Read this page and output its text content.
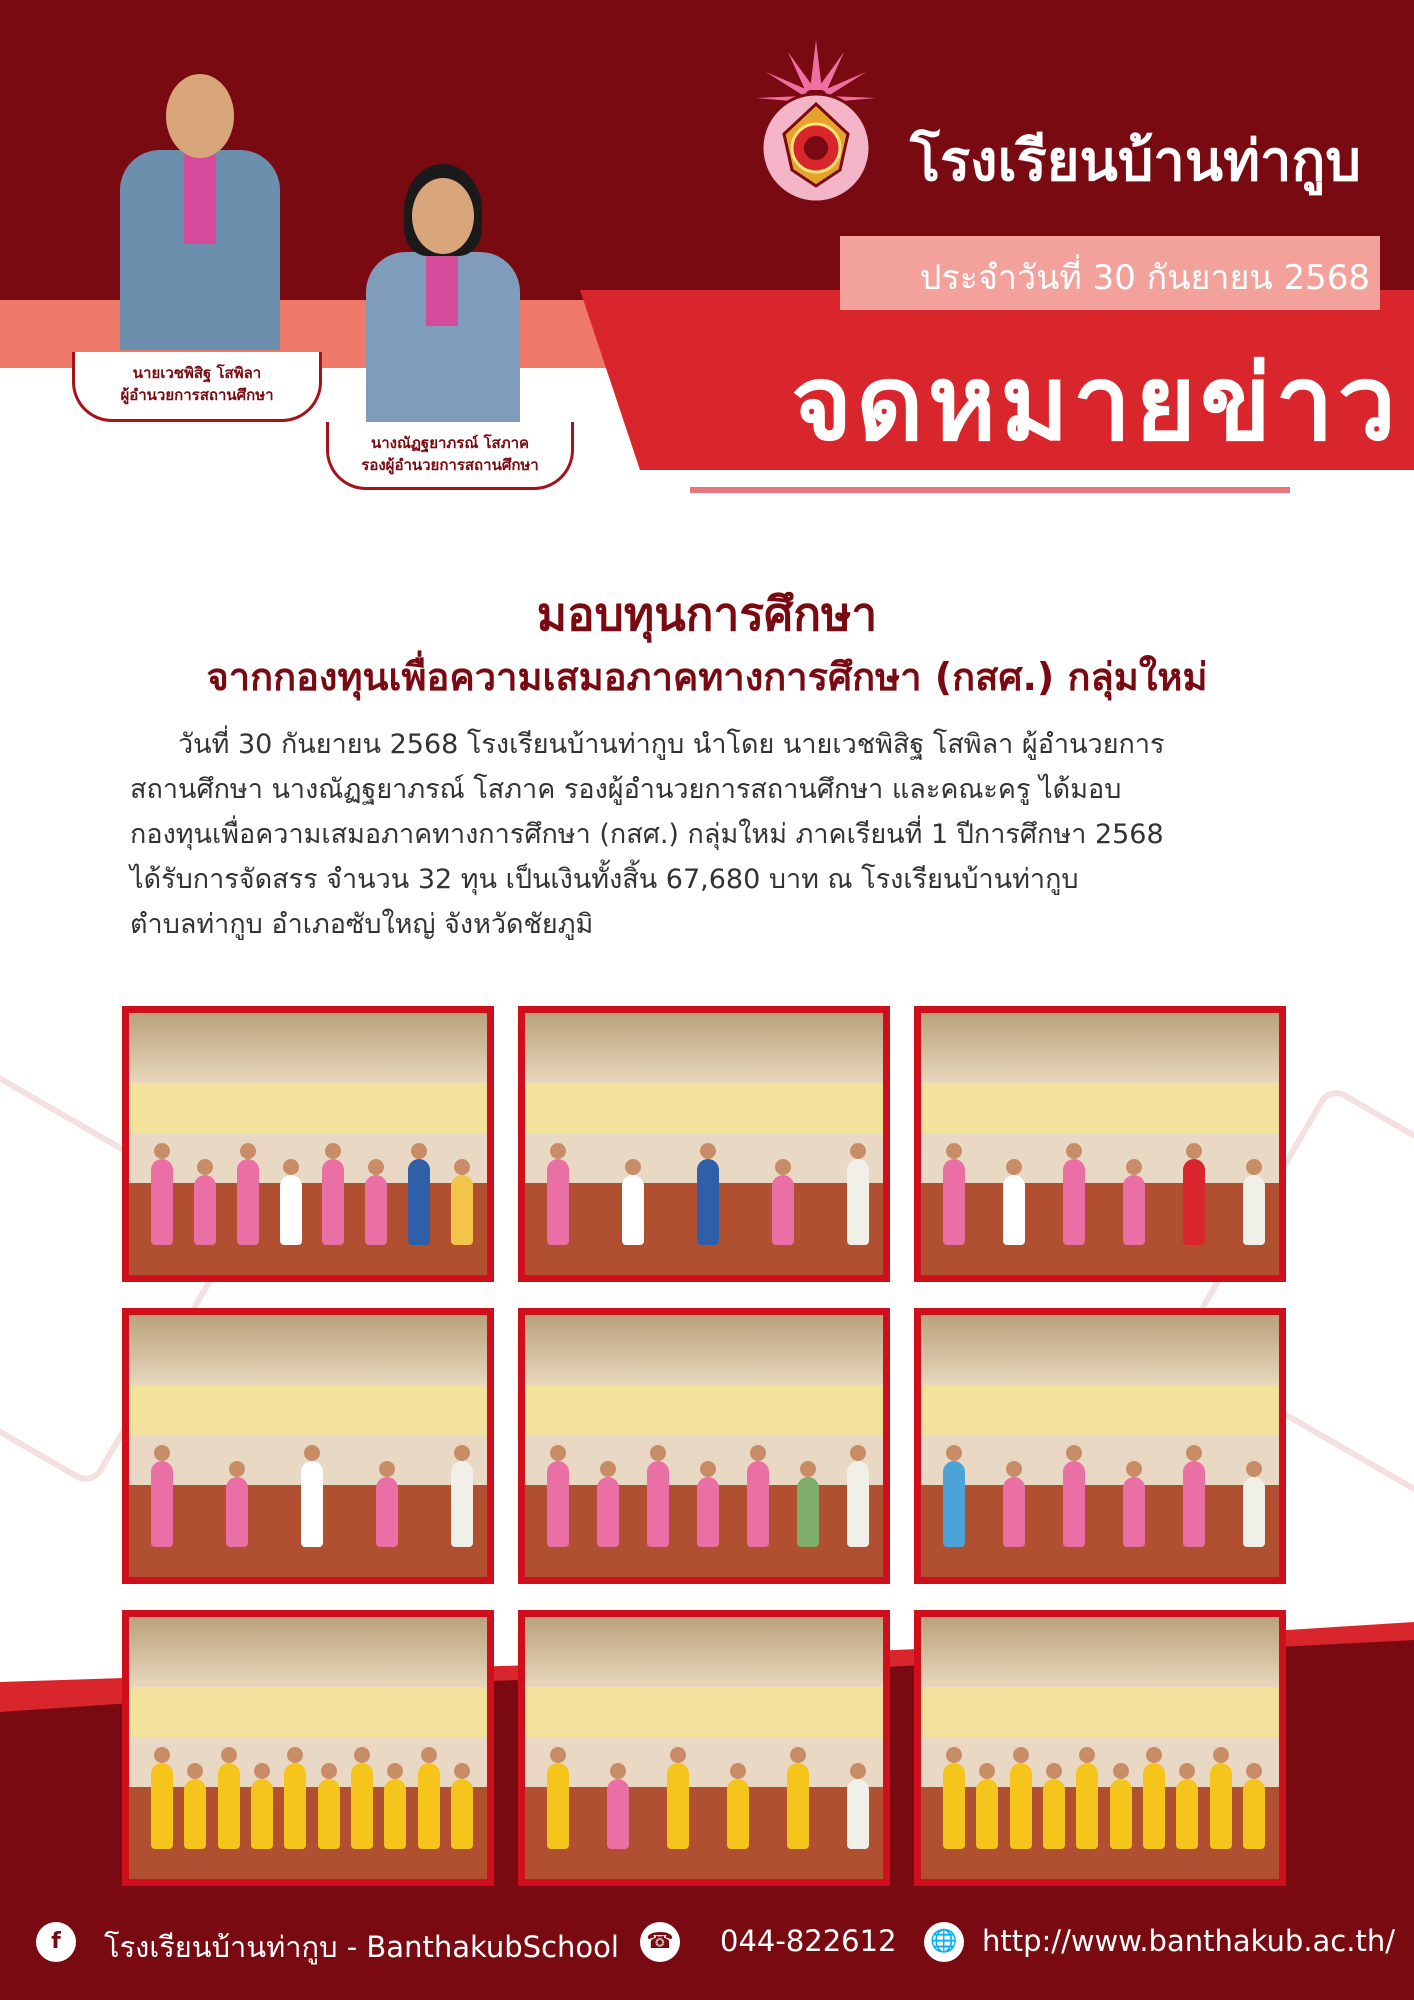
โรงเรียนบ้านท่ากูบ
ประจำวันที่ 30 กันยายน 2568
จดหมายข่าว
นายเวชพิสิฐ โสพิลา
ผู้อำนวยการสถานศึกษา
นางณัฏฐยาภรณ์ โสภาค
รองผู้อำนวยการสถานศึกษา
มอบทุนการศึกษา
จากกองทุนเพื่อความเสมอภาคทางการศึกษา (กสศ.) กลุ่มใหม่

วันที่ 30 กันยายน 2568 โรงเรียนบ้านท่ากูบ นำโดย นายเวชพิสิฐ โสพิลา ผู้อำนวยการ

สถานศึกษา นางณัฏฐยาภรณ์ โสภาค รองผู้อำนวยการสถานศึกษา และคณะครู ได้มอบ

กองทุนเพื่อความเสมอภาคทางการศึกษา (กสศ.) กลุ่มใหม่ ภาคเรียนที่ 1 ปีการศึกษา 2568

ได้รับการจัดสรร จำนวน 32 ทุน เป็นเงินทั้งสิ้น 67,680 บาท ณ โรงเรียนบ้านท่ากูบ

ตำบลท่ากูบ อำเภอซับใหญ่ จังหวัดชัยภูมิ

f	โรงเรียนบ้านท่ากูบ - BanthakubSchool ☎ 044-822612 🌐 http://www.banthakub.ac.th/
